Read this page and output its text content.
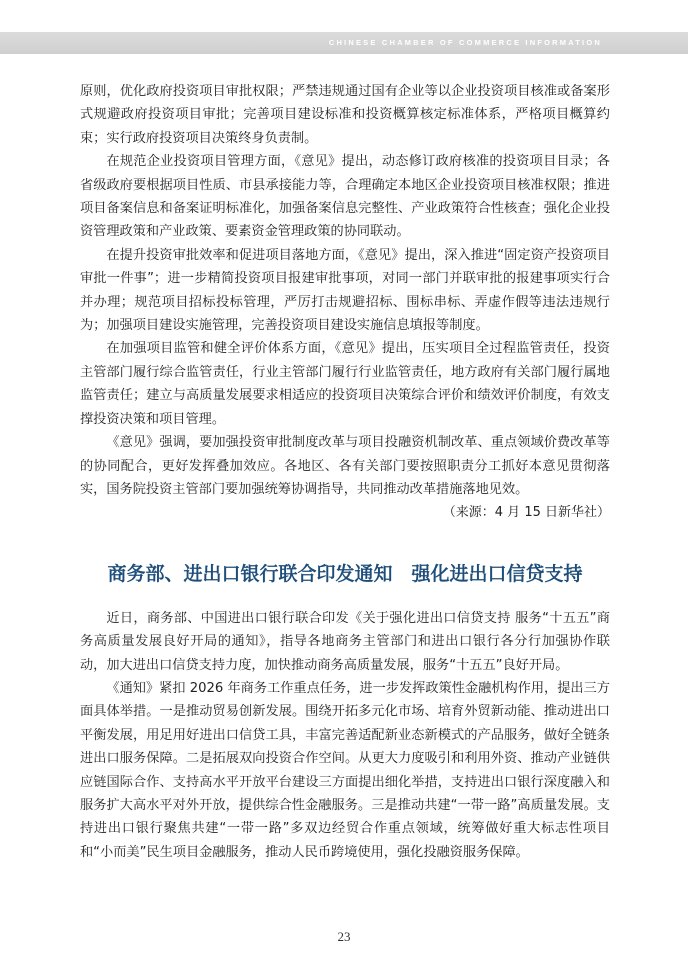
CHINESE CHAMBER OF COMMERCE INFORMATION

原则，优化政府投资项目审批权限；严禁违规通过国有企业等以企业投资项目核准或备案形式规避政府投资项目审批；完善项目建设标准和投资概算核定标准体系，严格项目概算约束；实行政府投资项目决策终身负责制。

在规范企业投资项目管理方面，《意见》提出，动态修订政府核准的投资项目目录；各省级政府要根据项目性质、市县承接能力等，合理确定本地区企业投资项目核准权限；推进项目备案信息和备案证明标准化，加强备案信息完整性、产业政策符合性核查；强化企业投资管理政策和产业政策、要素资金管理政策的协同联动。

在提升投资审批效率和促进项目落地方面，《意见》提出，深入推进“固定资产投资项目审批一件事”；进一步精简投资项目报建审批事项，对同一部门并联审批的报建事项实行合并办理；规范项目招标投标管理，严厉打击规避招标、围标串标、弄虚作假等违法违规行为；加强项目建设实施管理，完善投资项目建设实施信息填报等制度。

在加强项目监管和健全评价体系方面，《意见》提出，压实项目全过程监管责任，投资主管部门履行综合监管责任，行业主管部门履行行业监管责任，地方政府有关部门履行属地监管责任；建立与高质量发展要求相适应的投资项目决策综合评价和绩效评价制度，有效支撑投资决策和项目管理。

《意见》强调，要加强投资审批制度改革与项目投融资机制改革、重点领域价费改革等的协同配合，更好发挥叠加效应。各地区、各有关部门要按照职责分工抓好本意见贯彻落实，国务院投资主管部门要加强统筹协调指导，共同推动改革措施落地见效。

（来源：4 月 15 日新华社）

商务部、进出口银行联合印发通知　强化进出口信贷支持

近日，商务部、中国进出口银行联合印发《关于强化进出口信贷支持 服务“十五五”商务高质量发展良好开局的通知》，指导各地商务主管部门和进出口银行各分行加强协作联动，加大进出口信贷支持力度，加快推动商务高质量发展，服务“十五五”良好开局。

《通知》紧扣 2026 年商务工作重点任务，进一步发挥政策性金融机构作用，提出三方面具体举措。一是推动贸易创新发展。围绕开拓多元化市场、培育外贸新动能、推动进出口平衡发展，用足用好进出口信贷工具，丰富完善适配新业态新模式的产品服务，做好全链条进出口服务保障。二是拓展双向投资合作空间。从更大力度吸引和利用外资、推动产业链供应链国际合作、支持高水平开放平台建设三方面提出细化举措，支持进出口银行深度融入和服务扩大高水平对外开放，提供综合性金融服务。三是推动共建“一带一路”高质量发展。支持进出口银行聚焦共建“一带一路”多双边经贸合作重点领域，统筹做好重大标志性项目和“小而美”民生项目金融服务，推动人民币跨境使用，强化投融资服务保障。

23
